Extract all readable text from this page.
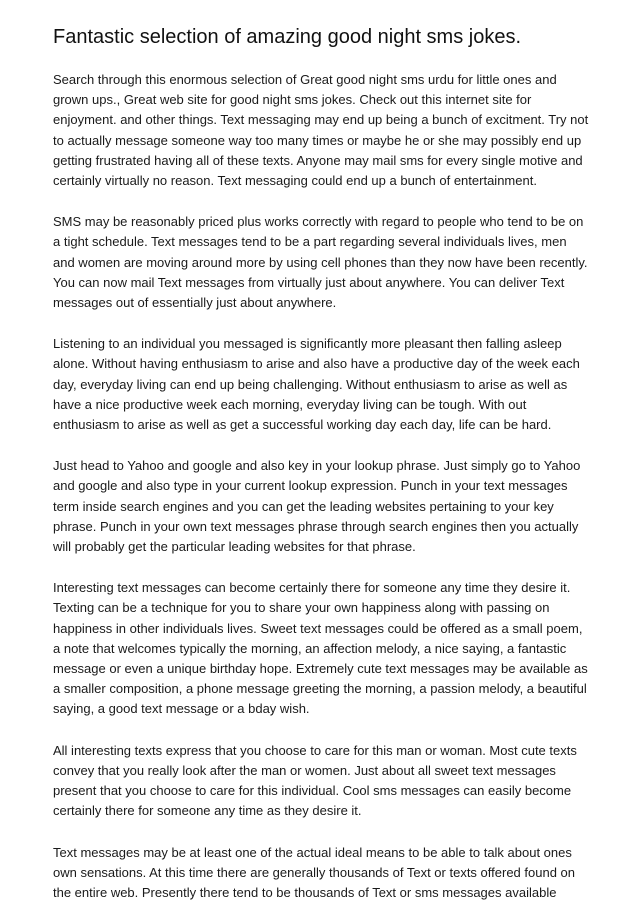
Fantastic selection of amazing good night sms jokes.

Search through this enormous selection of Great good night sms urdu for little ones and grown ups., Great web site for good night sms jokes. Check out this internet site for enjoyment. and other things. Text messaging may end up being a bunch of excitment. Try not to actually message someone way too many times or maybe he or she may possibly end up getting frustrated having all of these texts. Anyone may mail sms for every single motive and certainly virtually no reason. Text messaging could end up a bunch of entertainment.

SMS may be reasonably priced plus works correctly with regard to people who tend to be on a tight schedule. Text messages tend to be a part regarding several individuals lives, men and women are moving around more by using cell phones than they now have been recently. You can now mail Text messages from virtually just about anywhere. You can deliver Text messages out of essentially just about anywhere.

Listening to an individual you messaged is significantly more pleasant then falling asleep alone. Without having enthusiasm to arise and also have a productive day of the week each day, everyday living can end up being challenging. Without enthusiasm to arise as well as have a nice productive week each morning, everyday living can be tough. With out enthusiasm to arise as well as get a successful working day each day, life can be hard.

Just head to Yahoo and google and also key in your lookup phrase. Just simply go to Yahoo and google and also type in your current lookup expression. Punch in your text messages term inside search engines and you can get the leading websites pertaining to your key phrase. Punch in your own text messages phrase through search engines then you actually will probably get the particular leading websites for that phrase.

Interesting text messages can become certainly there for someone any time they desire it. Texting can be a technique for you to share your own happiness along with passing on happiness in other individuals lives. Sweet text messages could be offered as a small poem, a note that welcomes typically the morning, an affection melody, a nice saying, a fantastic message or even a unique birthday hope. Extremely cute text messages may be available as a smaller composition, a phone message greeting the morning, a passion melody, a beautiful saying, a good text message or a bday wish.

All interesting texts express that you choose to care for this man or woman. Most cute texts convey that you really look after the man or women. Just about all sweet text messages present that you choose to care for this individual. Cool sms messages can easily become certainly there for someone any time as they desire it.

Text messages may be at least one of the actual ideal means to be able to talk about ones own sensations. At this time there are generally thousands of Text or texts offered found on the entire web. Presently there tend to be thousands of Text or sms messages available
